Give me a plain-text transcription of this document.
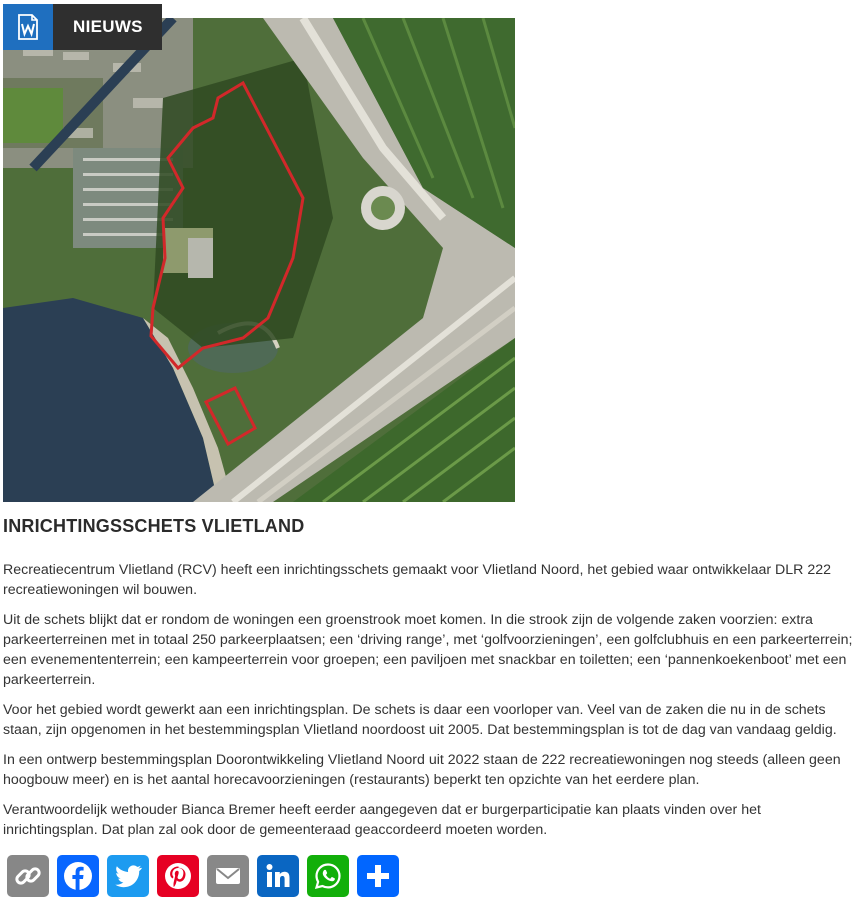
NIEUWS
INRICHTINGSSCHETS VLIETLAND

Recreatiecentrum Vlietland (RCV) heeft een inrichtingsschets gemaakt voor Vlietland Noord, het gebied waar ontwikkelaar DLR 222 recreatiewoningen wil bouwen.

Uit de schets blijkt dat er rondom de woningen een groenstrook moet komen. In die strook zijn de volgende zaken voorzien: extra parkeerterreinen met in totaal 250 parkeerplaatsen; een ‘driving range’, met ‘golfvoorzieningen’, een golfclubhuis en een parkeerterrein; een evenemententerrein; een kampeerterrein voor groepen; een paviljoen met snackbar en toiletten; een ‘pannenkoekenboot’ met een parkeerterrein.

Voor het gebied wordt gewerkt aan een inrichtingsplan. De schets is daar een voorloper van. Veel van de zaken die nu in de schets staan, zijn opgenomen in het bestemmingsplan Vlietland noordoost uit 2005. Dat bestemmingsplan is tot de dag van vandaag geldig.

In een ontwerp bestemmingsplan Doorontwikkeling Vlietland Noord uit 2022 staan de 222 recreatiewoningen nog steeds (alleen geen hoogbouw meer) en is het aantal horecavoorzieningen (restaurants) beperkt ten opzichte van het eerdere plan.

Verantwoordelijk wethouder Bianca Bremer heeft eerder aangegeven dat er burgerparticipatie kan plaats vinden over het inrichtingsplan. Dat plan zal ook door de gemeenteraad geaccordeerd moeten worden.
